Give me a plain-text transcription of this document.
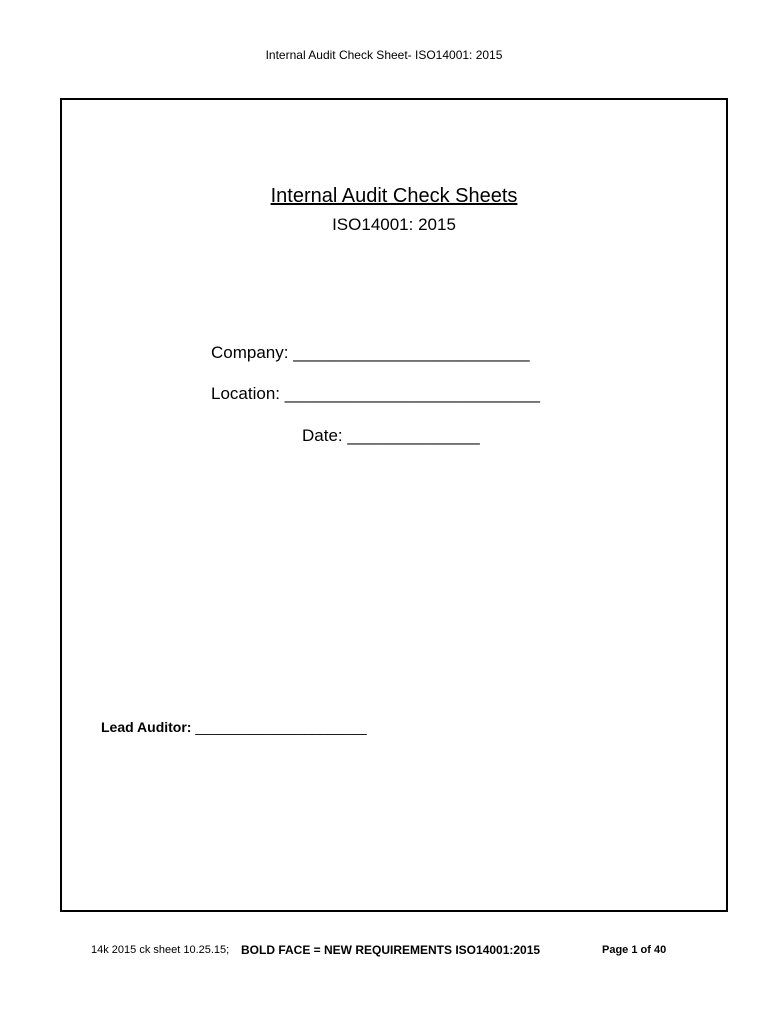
Internal Audit Check Sheet- ISO14001: 2015
Internal Audit Check Sheets
ISO14001: 2015
Company: _________________________
Location: ___________________________
Date: ______________
Lead Auditor: ______________________
14k 2015 ck sheet 10.25.15; BOLD FACE = NEW REQUIREMENTS ISO14001:2015	Page 1 of 40
